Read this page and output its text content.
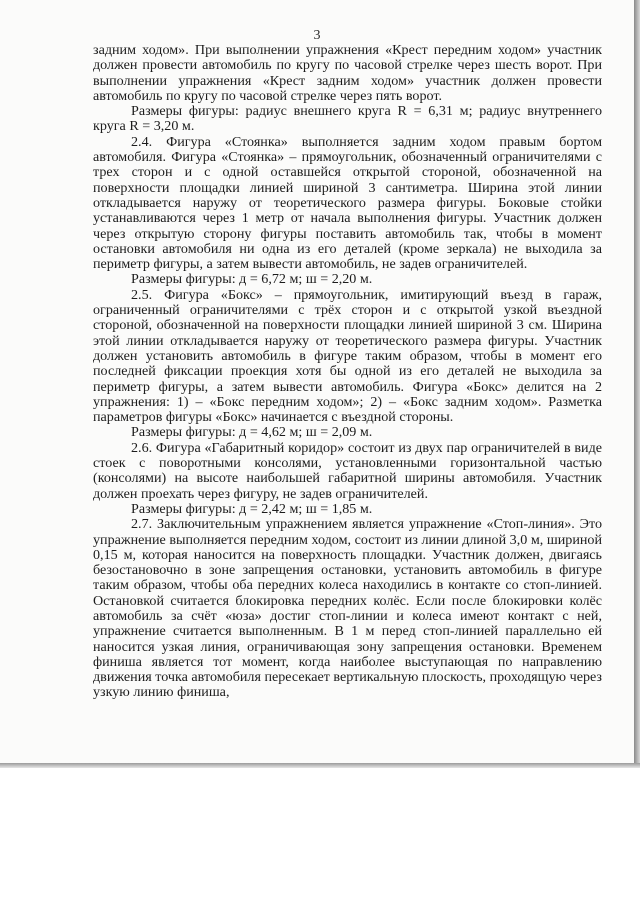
3

задним ходом». При выполнении упражнения «Крест передним ходом» участник должен провести автомобиль по кругу по часовой стрелке через шесть ворот. При выполнении упражнения «Крест задним ходом» участник должен провести автомобиль по кругу по часовой стрелке через пять ворот.

Размеры фигуры: радиус внешнего круга R = 6,31 м; радиус внутреннего круга R = 3,20 м.

2.4. Фигура «Стоянка» выполняется задним ходом правым бортом автомобиля. Фигура «Стоянка» – прямоугольник, обозначенный ограничителями с трех сторон и с одной оставшейся открытой стороной, обозначенной на поверхности площадки линией шириной 3 сантиметра. Ширина этой линии откладывается наружу от теоретического размера фигуры. Боковые стойки устанавливаются через 1 метр от начала выполнения фигуры. Участник должен через открытую сторону фигуры поставить автомобиль так, чтобы в момент остановки автомобиля ни одна из его деталей (кроме зеркала) не выходила за периметр фигуры, а затем вывести автомобиль, не задев ограничителей.

Размеры фигуры: д = 6,72 м; ш = 2,20 м.

2.5. Фигура «Бокс» – прямоугольник, имитирующий въезд в гараж, ограниченный ограничителями с трёх сторон и с открытой узкой въездной стороной, обозначенной на поверхности площадки линией шириной 3 см. Ширина этой линии откладывается наружу от теоретического размера фигуры. Участник должен установить автомобиль в фигуре таким образом, чтобы в момент его последней фиксации проекция хотя бы одной из его деталей не выходила за периметр фигуры, а затем вывести автомобиль. Фигура «Бокс» делится на 2 упражнения: 1) – «Бокс передним ходом»; 2) – «Бокс задним ходом». Разметка параметров фигуры «Бокс» начинается с въездной стороны.

Размеры фигуры: д = 4,62 м; ш = 2,09 м.

2.6. Фигура «Габаритный коридор» состоит из двух пар ограничителей в виде стоек с поворотными консолями, установленными горизонтальной частью (консолями) на высоте наибольшей габаритной ширины автомобиля. Участник должен проехать через фигуру, не задев ограничителей.

Размеры фигуры: д = 2,42 м; ш = 1,85 м.

2.7. Заключительным упражнением является упражнение «Стоп-линия». Это упражнение выполняется передним ходом, состоит из линии длиной 3,0 м, шириной 0,15 м, которая наносится на поверхность площадки. Участник должен, двигаясь безостановочно в зоне запрещения остановки, установить автомобиль в фигуре таким образом, чтобы оба передних колеса находились в контакте со стоп-линией. Остановкой считается блокировка передних колёс. Если после блокировки колёс автомобиль за счёт «юза» достиг стоп-линии и колеса имеют контакт с ней, упражнение считается выполненным. В 1 м перед стоп-линией параллельно ей наносится узкая линия, ограничивающая зону запрещения остановки. Временем финиша является тот момент, когда наиболее выступающая по направлению движения точка автомобиля пересекает вертикальную плоскость, проходящую через узкую линию финиша,
